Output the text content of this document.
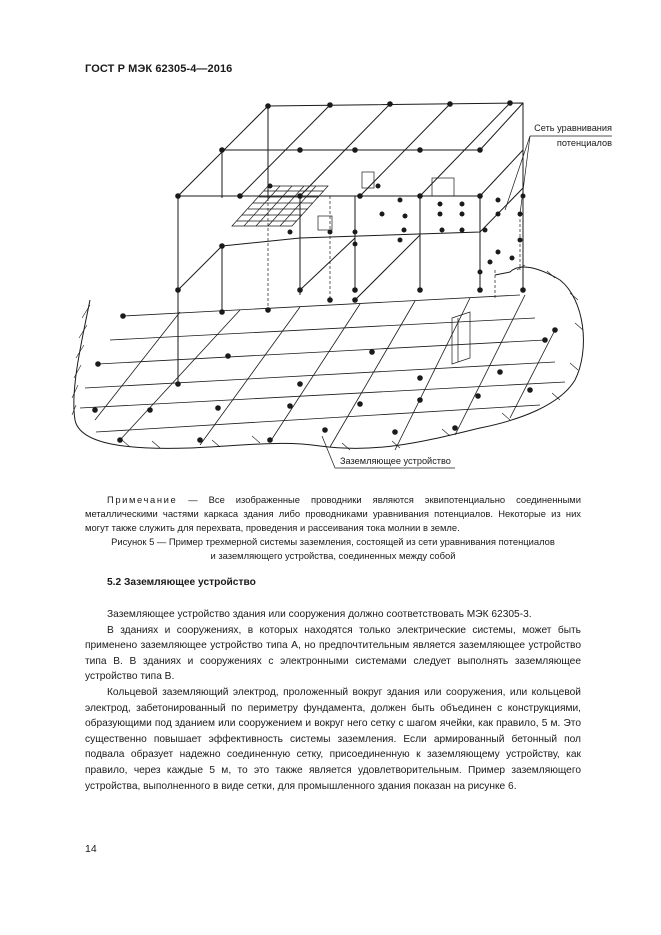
ГОСТ Р МЭК 62305-4—2016
Сеть уравнивания
потенциалов
Заземляющее устройство
Примечание — Все изображенные проводники являются эквипотенциально соединенными металлическими частями каркаса здания либо проводниками уравнивания потенциалов. Некоторые из них могут также служить для перехвата, проведения и рассеивания тока молнии в земле.
Рисунок 5 — Пример трехмерной системы заземления, состоящей из сети уравнивания потенциалов
и заземляющего устройства, соединенных между собой
5.2 Заземляющее устройство

Заземляющее устройство здания или сооружения должно соответствовать МЭК 62305-3.

В зданиях и сооружениях, в которых находятся только электрические системы, может быть применено заземляющее устройство типа А, но предпочтительным является заземляющее устройство типа В. В зданиях и сооружениях с электронными системами следует выполнять заземляющее устройство типа В.

Кольцевой заземляющий электрод, проложенный вокруг здания или сооружения, или кольцевой электрод, забетонированный по периметру фундамента, должен быть объединен с конструкциями, образующими под зданием или сооружением и вокруг него сетку с шагом ячейки, как правило, 5 м. Это существенно повышает эффективность системы заземления. Если армированный бетонный пол подвала образует надежно соединенную сетку, присоединенную к заземляющему устройству, как правило, через каждые 5 м, то это также является удовлетворительным. Пример заземляющего устройства, выполненного в виде сетки, для промышленного здания показан на рисунке 6.

14
